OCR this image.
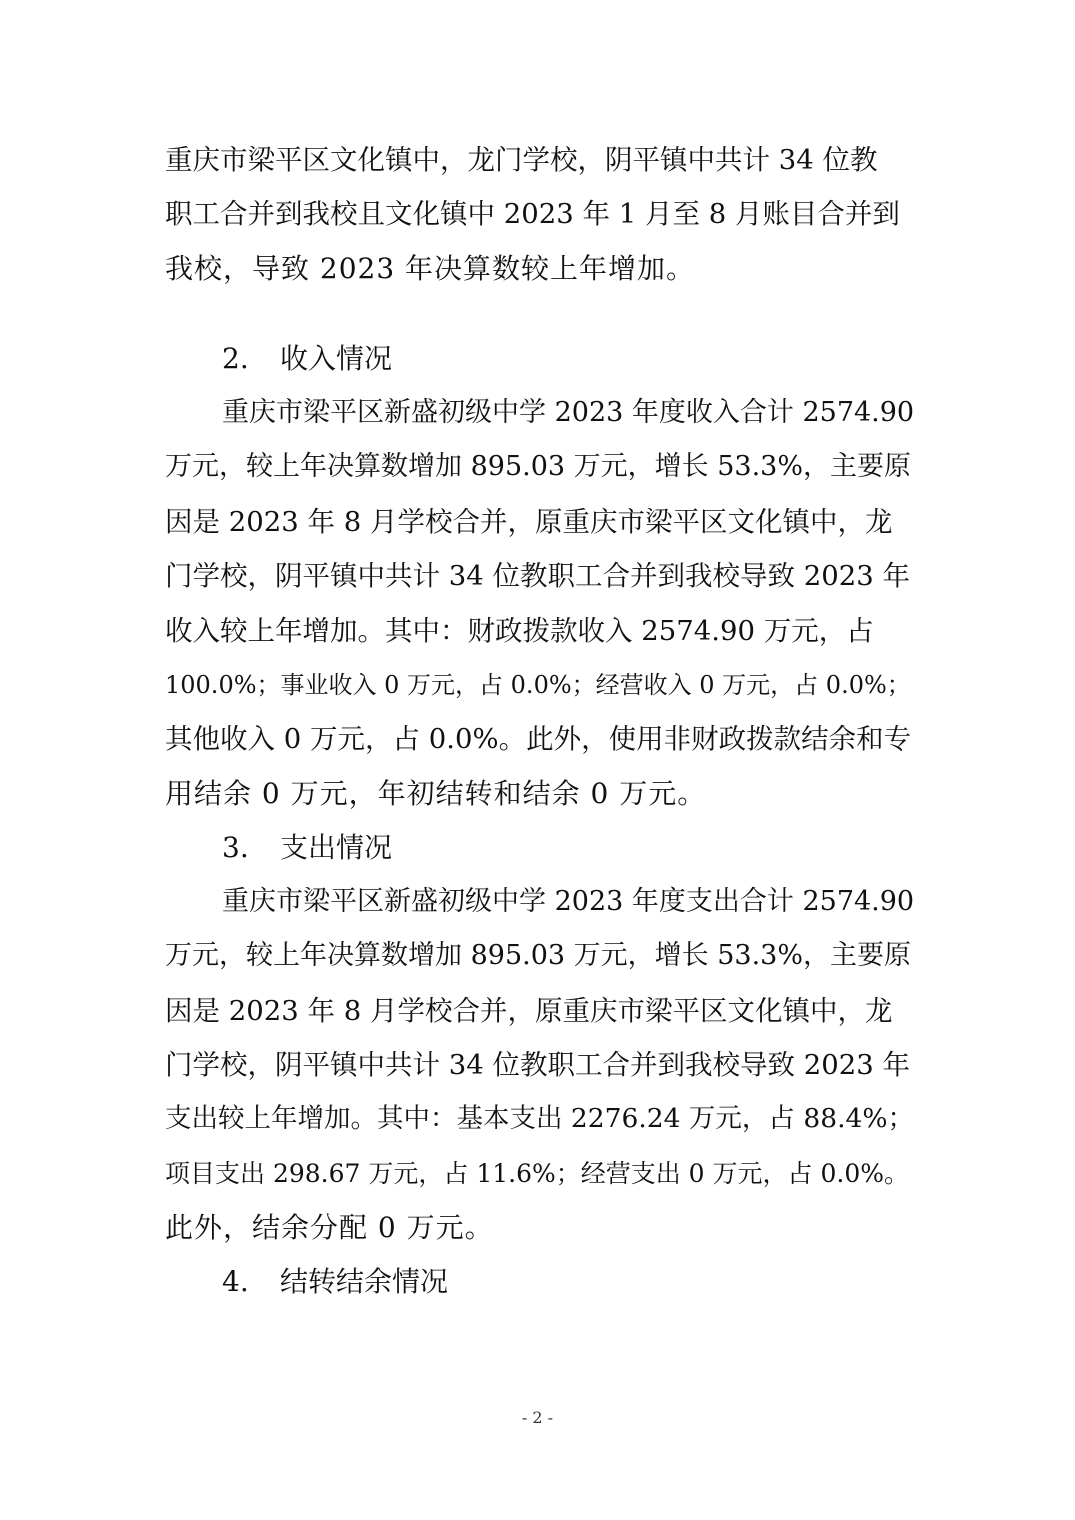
重庆市梁平区文化镇中，龙门学校，阴平镇中共计 34 位教
职工合并到我校且文化镇中 2023 年 1 月至 8 月账目合并到
我校，导致 2023 年决算数较上年增加。
2. 收入情况
重庆市梁平区新盛初级中学 2023 年度收入合计 2574.90
万元，较上年决算数增加 895.03 万元，增长 53.3%，主要原
因是 2023 年 8 月学校合并，原重庆市梁平区文化镇中，龙
门学校，阴平镇中共计 34 位教职工合并到我校导致 2023 年
收入较上年增加。其中：财政拨款收入 2574.90 万元，占
100.0%；事业收入 0 万元，占 0.0%；经营收入 0 万元，占 0.0%；
其他收入 0 万元，占 0.0%。此外，使用非财政拨款结余和专
用结余 0 万元，年初结转和结余 0 万元。
3. 支出情况
重庆市梁平区新盛初级中学 2023 年度支出合计 2574.90
万元，较上年决算数增加 895.03 万元，增长 53.3%，主要原
因是 2023 年 8 月学校合并，原重庆市梁平区文化镇中，龙
门学校，阴平镇中共计 34 位教职工合并到我校导致 2023 年
支出较上年增加。其中：基本支出 2276.24 万元，占 88.4%；
项目支出 298.67 万元，占 11.6%；经营支出 0 万元，占 0.0%。
此外，结余分配 0 万元。
4. 结转结余情况
- 2 -
